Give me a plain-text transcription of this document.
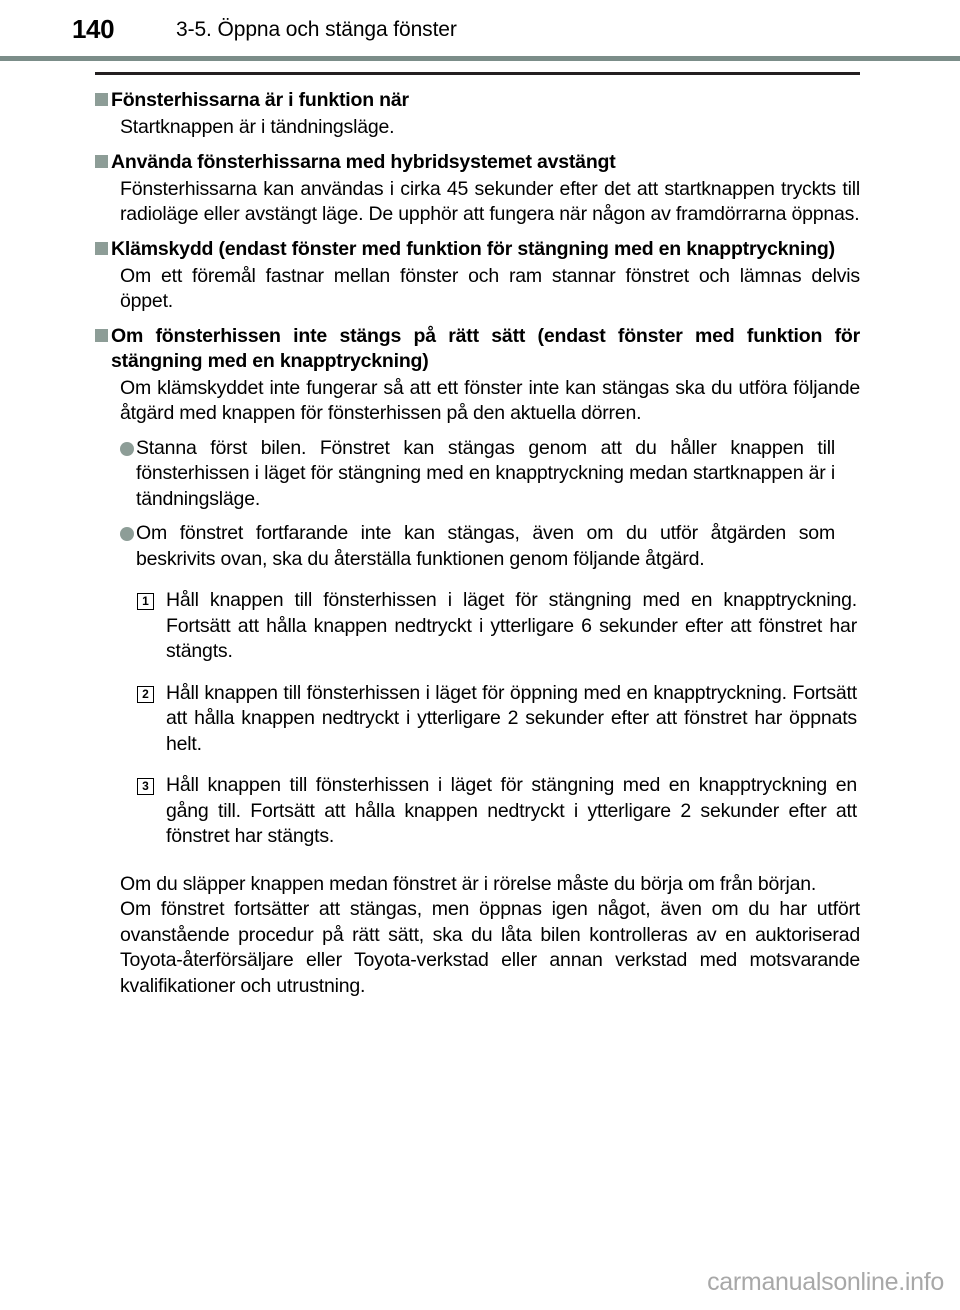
140	3-5. Öppna och stänga fönster
Fönsterhissarna är i funktion när
Startknappen är i tändningsläge.
Använda fönsterhissarna med hybridsystemet avstängt
Fönsterhissarna kan användas i cirka 45 sekunder efter det att startknappen tryckts till radioläge eller avstängt läge. De upphör att fungera när någon av framdörrarna öppnas.
Klämskydd (endast fönster med funktion för stängning med en knapptryckning)
Om ett föremål fastnar mellan fönster och ram stannar fönstret och lämnas delvis öppet.
Om fönsterhissen inte stängs på rätt sätt (endast fönster med funktion för stängning med en knapptryckning)
Om klämskyddet inte fungerar så att ett fönster inte kan stängas ska du utföra följande åtgärd med knappen för fönsterhissen på den aktuella dörren.
Stanna först bilen. Fönstret kan stängas genom att du håller knappen till fönsterhissen i läget för stängning med en knapptryckning medan startknappen är i tändningsläge.
Om fönstret fortfarande inte kan stängas, även om du utför åtgärden som beskrivits ovan, ska du återställa funktionen genom följande åtgärd.
1 Håll knappen till fönsterhissen i läget för stängning med en knapptryckning. Fortsätt att hålla knappen nedtryckt i ytterligare 6 sekunder efter att fönstret har stängts.
2 Håll knappen till fönsterhissen i läget för öppning med en knapptryckning. Fortsätt att hålla knappen nedtryckt i ytterligare 2 sekunder efter att fönstret har öppnats helt.
3 Håll knappen till fönsterhissen i läget för stängning med en knapptryckning en gång till. Fortsätt att hålla knappen nedtryckt i ytterligare 2 sekunder efter att fönstret har stängts.
Om du släpper knappen medan fönstret är i rörelse måste du börja om från början.
Om fönstret fortsätter att stängas, men öppnas igen något, även om du har utfört ovanstående procedur på rätt sätt, ska du låta bilen kontrolleras av en auktoriserad Toyota-återförsäljare eller Toyota-verkstad eller annan verkstad med motsvarande kvalifikationer och utrustning.
carmanualsonline.info
